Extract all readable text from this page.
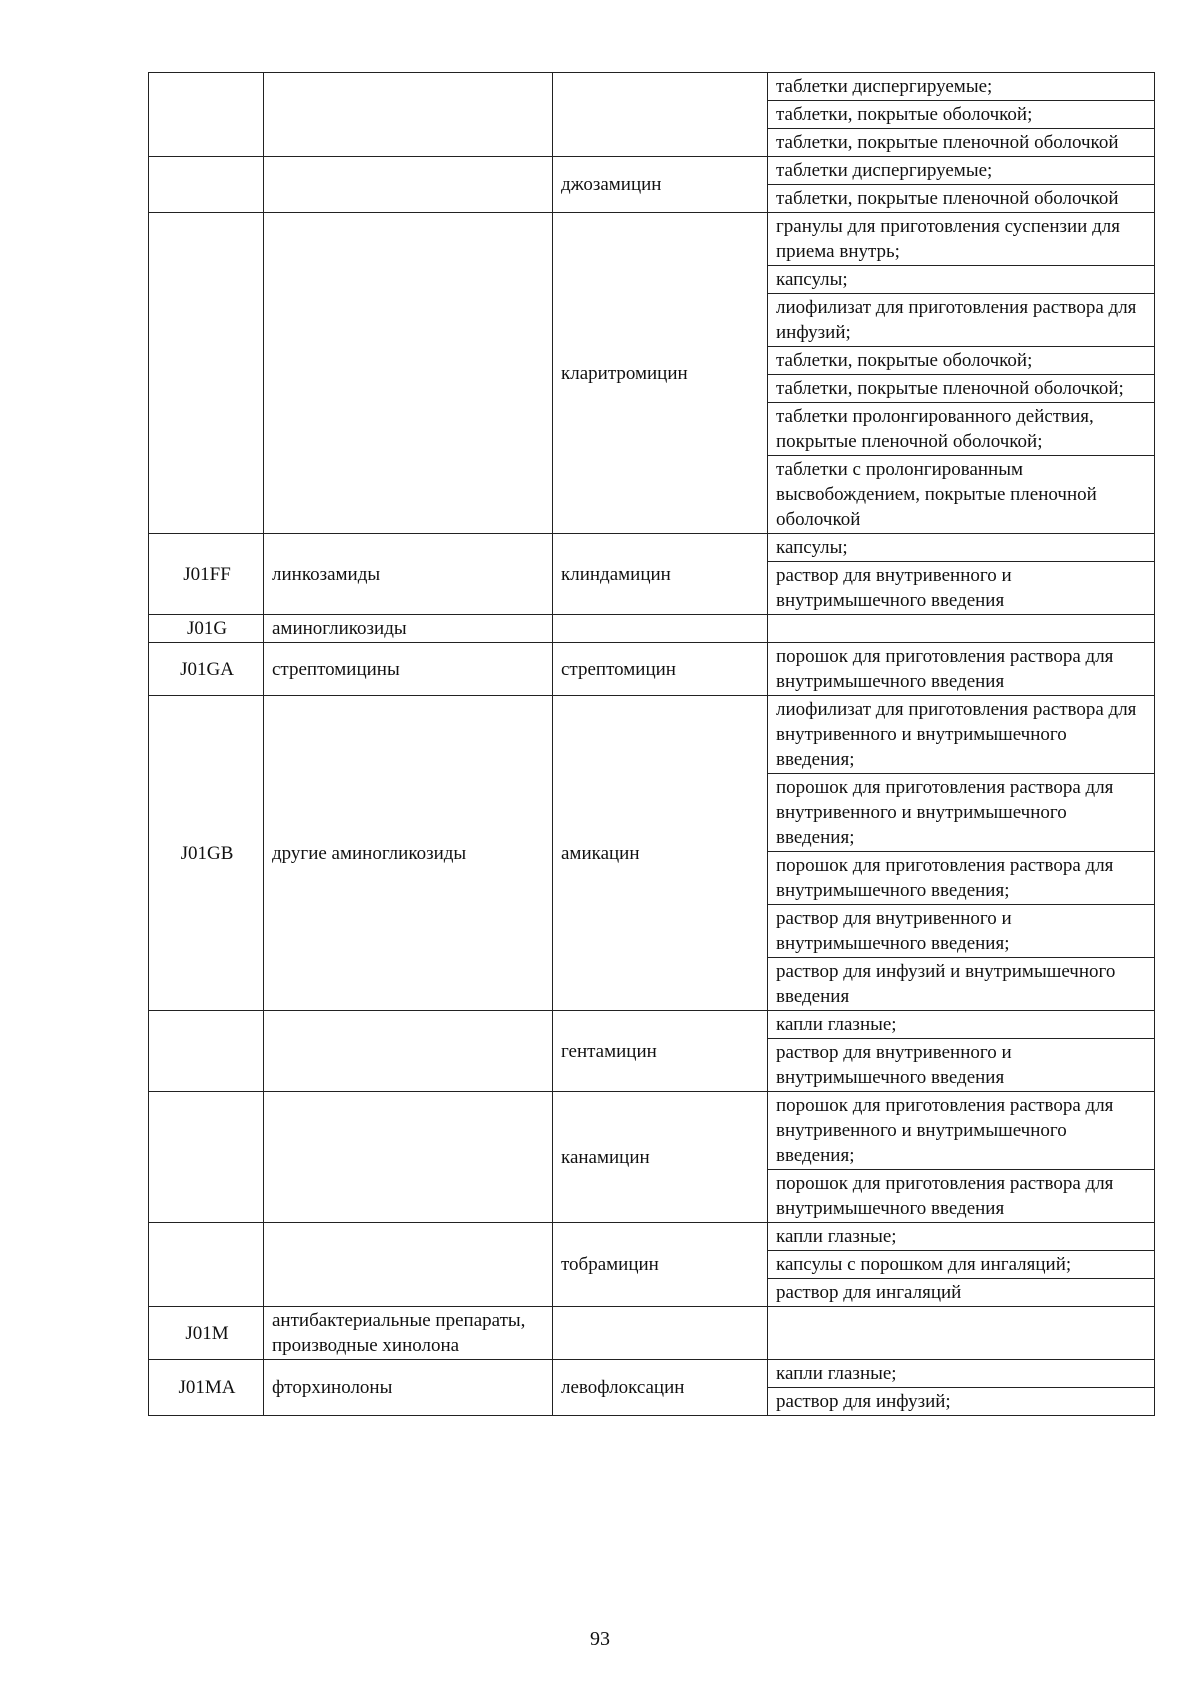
			таблетки диспергируемые;
			таблетки, покрытые оболочкой;
			таблетки, покрытые пленочной оболочкой
		джозамицин	таблетки диспергируемые;
			таблетки, покрытые пленочной оболочкой
		кларитромицин	гранулы для приготовления суспензии для приема внутрь;
			капсулы;
			лиофилизат для приготовления раствора для инфузий;
			таблетки, покрытые оболочкой;
			таблетки, покрытые пленочной оболочкой;
			таблетки пролонгированного действия, покрытые пленочной оболочкой;
			таблетки с пролонгированным высвобождением, покрытые пленочной оболочкой
J01FF	линкозамиды	клиндамицин	капсулы;
			раствор для внутривенного и внутримышечного введения
J01G	аминогликозиды		
J01GA	стрептомицины	стрептомицин	порошок для приготовления раствора для внутримышечного введения
J01GB	другие аминогликозиды	амикацин	лиофилизат для приготовления раствора для внутривенного и внутримышечного введения;
			порошок для приготовления раствора для внутривенного и внутримышечного введения;
			порошок для приготовления раствора для внутримышечного введения;
			раствор для внутривенного и внутримышечного введения;
			раствор для инфузий и внутримышечного введения
		гентамицин	капли глазные;
			раствор для внутривенного и внутримышечного введения
		канамицин	порошок для приготовления раствора для внутривенного и внутримышечного введения;
			порошок для приготовления раствора для внутримышечного введения
		тобрамицин	капли глазные;
			капсулы с порошком для ингаляций;
			раствор для ингаляций
J01M	антибактериальные препараты, производные хинолона		
J01MA	фторхинолоны	левофлоксацин	капли глазные;
			раствор для инфузий;
93
